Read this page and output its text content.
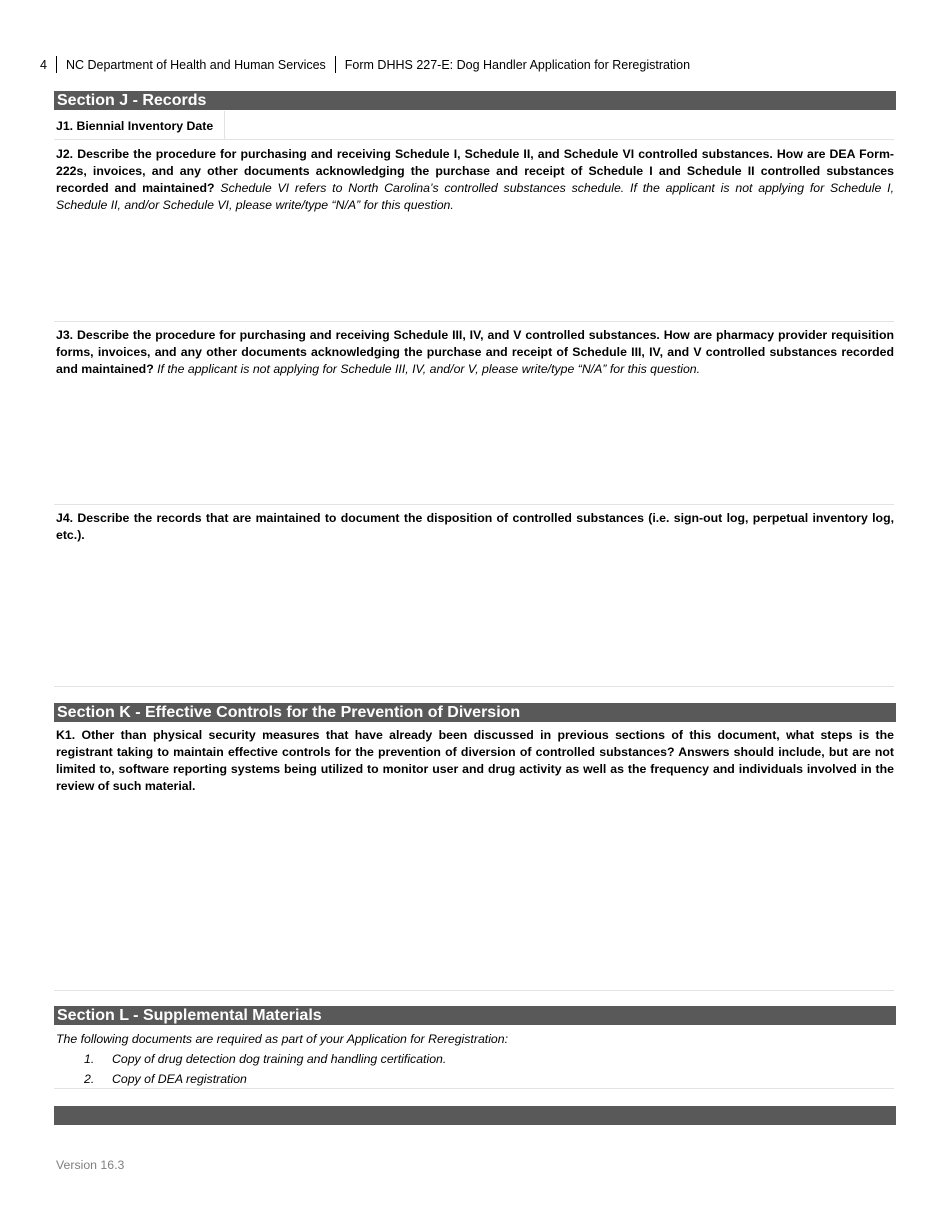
4 NC Department of Health and Human Services Form DHHS 227-E: Dog Handler Application for Reregistration
Section J - Records
J1. Biennial Inventory Date
J2. Describe the procedure for purchasing and receiving Schedule I, Schedule II, and Schedule VI controlled substances. How are DEA Form-222s, invoices, and any other documents acknowledging the purchase and receipt of Schedule I and Schedule II controlled substances recorded and maintained? Schedule VI refers to North Carolina’s controlled substances schedule. If the applicant is not applying for Schedule I, Schedule II, and/or Schedule VI, please write/type “N/A” for this question.
J3. Describe the procedure for purchasing and receiving Schedule III, IV, and V controlled substances. How are pharmacy provider requisition forms, invoices, and any other documents acknowledging the purchase and receipt of Schedule III, IV, and V controlled substances recorded and maintained? If the applicant is not applying for Schedule III, IV, and/or V, please write/type “N/A” for this question.
J4. Describe the records that are maintained to document the disposition of controlled substances (i.e. sign-out log, perpetual inventory log, etc.).
Section K - Effective Controls for the Prevention of Diversion
K1. Other than physical security measures that have already been discussed in previous sections of this document, what steps is the registrant taking to maintain effective controls for the prevention of diversion of controlled substances? Answers should include, but are not limited to, software reporting systems being utilized to monitor user and drug activity as well as the frequency and individuals involved in the review of such material.
Section L - Supplemental Materials
The following documents are required as part of your Application for Reregistration:
1.	Copy of drug detection dog training and handling certification.
2.	Copy of DEA registration
Version 16.3
